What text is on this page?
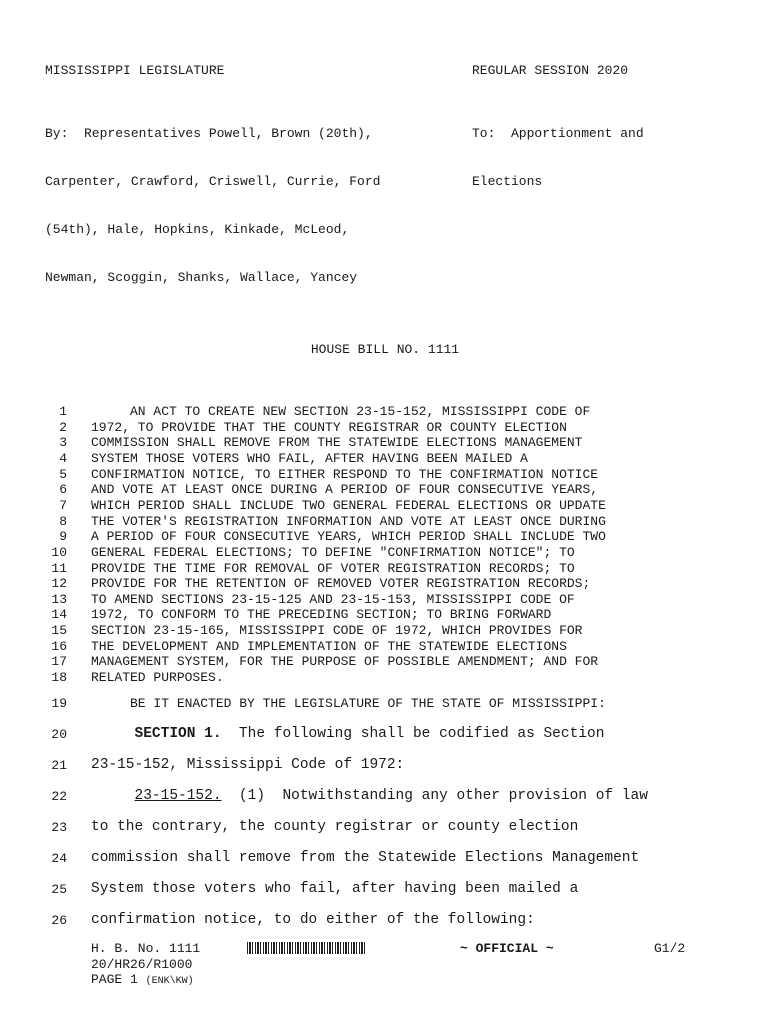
MISSISSIPPI LEGISLATURE	REGULAR SESSION 2020

By:  Representatives Powell, Brown (20th),

Carpenter, Crawford, Criswell, Currie, Ford

(54th), Hale, Hopkins, Kinkade, McLeod,

Newman, Scoggin, Shanks, Wallace, Yancey

To:  Apportionment and

Elections

HOUSE BILL NO. 1111
1 AN ACT TO CREATE NEW SECTION 23-15-152, MISSISSIPPI CODE OF
2 1972, TO PROVIDE THAT THE COUNTY REGISTRAR OR COUNTY ELECTION
3 COMMISSION SHALL REMOVE FROM THE STATEWIDE ELECTIONS MANAGEMENT
4 SYSTEM THOSE VOTERS WHO FAIL, AFTER HAVING BEEN MAILED A
5 CONFIRMATION NOTICE, TO EITHER RESPOND TO THE CONFIRMATION NOTICE
6 AND VOTE AT LEAST ONCE DURING A PERIOD OF FOUR CONSECUTIVE YEARS,
7 WHICH PERIOD SHALL INCLUDE TWO GENERAL FEDERAL ELECTIONS OR UPDATE
8 THE VOTER'S REGISTRATION INFORMATION AND VOTE AT LEAST ONCE DURING
9 A PERIOD OF FOUR CONSECUTIVE YEARS, WHICH PERIOD SHALL INCLUDE TWO
10 GENERAL FEDERAL ELECTIONS; TO DEFINE "CONFIRMATION NOTICE"; TO
11 PROVIDE THE TIME FOR REMOVAL OF VOTER REGISTRATION RECORDS; TO
12 PROVIDE FOR THE RETENTION OF REMOVED VOTER REGISTRATION RECORDS;
13 TO AMEND SECTIONS 23-15-125 AND 23-15-153, MISSISSIPPI CODE OF
14 1972, TO CONFORM TO THE PRECEDING SECTION; TO BRING FORWARD
15 SECTION 23-15-165, MISSISSIPPI CODE OF 1972, WHICH PROVIDES FOR
16 THE DEVELOPMENT AND IMPLEMENTATION OF THE STATEWIDE ELECTIONS
17 MANAGEMENT SYSTEM, FOR THE PURPOSE OF POSSIBLE AMENDMENT; AND FOR
18 RELATED PURPOSES.

19

BE IT ENACTED BY THE LEGISLATURE OF THE STATE OF MISSISSIPPI:

20

	SECTION 1.  The following shall be codified as Section

21

23-15-152, Mississippi Code of 1972:

22

	23-15-152.  (1)  Notwithstanding any other provision of law

23 to the contrary, the county registrar or county election
24 commission shall remove from the Statewide Elections Management
25 System those voters who fail, after having been mailed a
26 confirmation notice, to do either of the following:
H. B. No. 1111	~ OFFICIAL ~	G1/2
20/HR26/R1000
PAGE 1 (ENK\KW)
